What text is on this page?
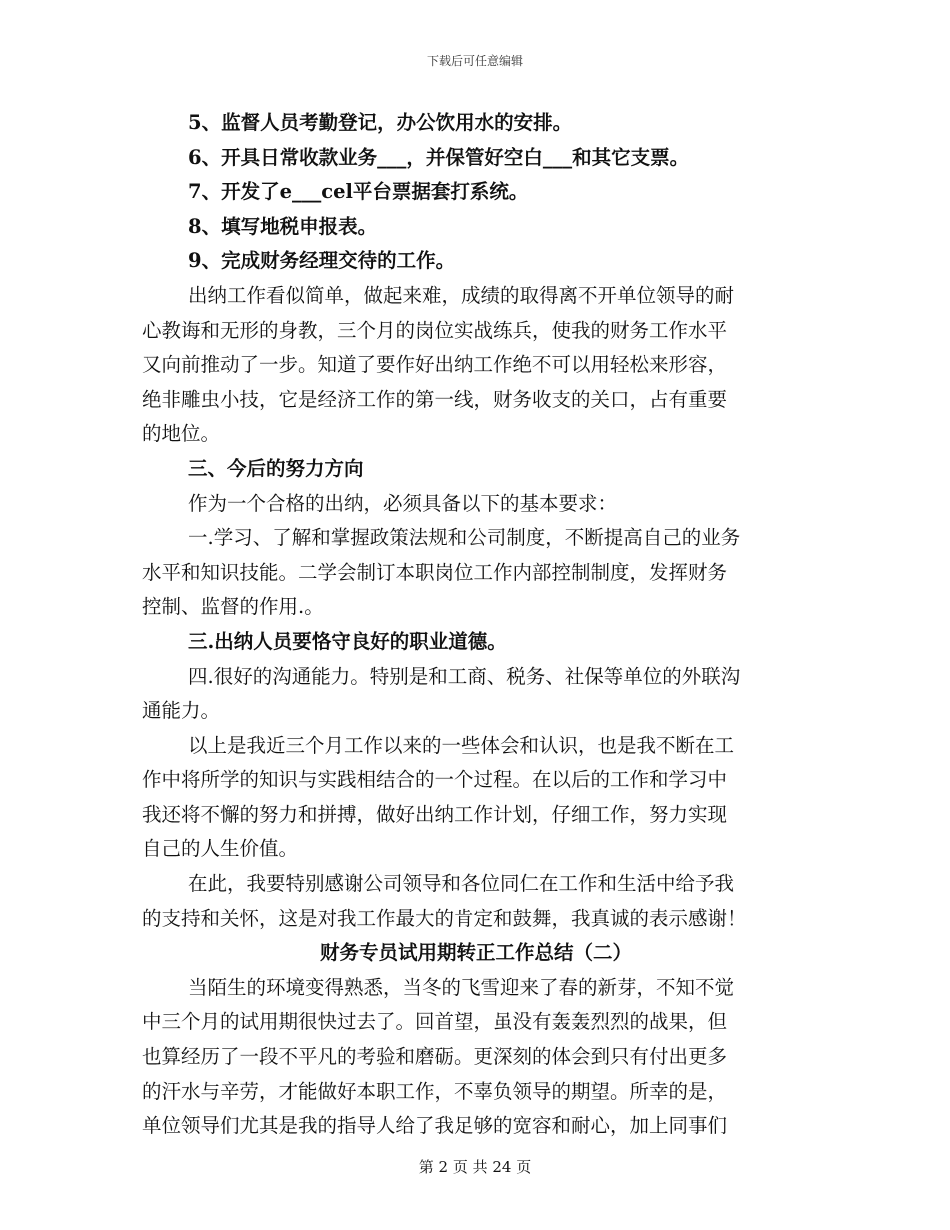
下载后可任意编辑

5、监督人员考勤登记，办公饮用水的安排。

6、开具日常收款业务___，并保管好空白___和其它支票。

7、开发了e___cel平台票据套打系统。

8、填写地税申报表。

9、完成财务经理交待的工作。

出纳工作看似简单，做起来难，成绩的取得离不开单位领导的耐

心教诲和无形的身教，三个月的岗位实战练兵，使我的财务工作水平

又向前推动了一步。知道了要作好出纳工作绝不可以用轻松来形容，

绝非雕虫小技，它是经济工作的第一线，财务收支的关口，占有重要

的地位。

三、今后的努力方向

作为一个合格的出纳，必须具备以下的基本要求：

一.学习、了解和掌握政策法规和公司制度，不断提高自己的业务

水平和知识技能。二学会制订本职岗位工作内部控制制度，发挥财务

控制、监督的作用.。

三.出纳人员要恪守良好的职业道德。

四.很好的沟通能力。特别是和工商、税务、社保等单位的外联沟

通能力。

以上是我近三个月工作以来的一些体会和认识，也是我不断在工

作中将所学的知识与实践相结合的一个过程。在以后的工作和学习中

我还将不懈的努力和拼搏，做好出纳工作计划，仔细工作，努力实现

自己的人生价值。

在此，我要特别感谢公司领导和各位同仁在工作和生活中给予我

的支持和关怀，这是对我工作最大的肯定和鼓舞，我真诚的表示感谢！

财务专员试用期转正工作总结（二）

当陌生的环境变得熟悉，当冬的飞雪迎来了春的新芽，不知不觉

中三个月的试用期很快过去了。回首望，虽没有轰轰烈烈的战果，但

也算经历了一段不平凡的考验和磨砺。更深刻的体会到只有付出更多

的汗水与辛劳，才能做好本职工作，不辜负领导的期望。所幸的是，

单位领导们尤其是我的指导人给了我足够的宽容和耐心，加上同事们

第 2 页 共 24 页
